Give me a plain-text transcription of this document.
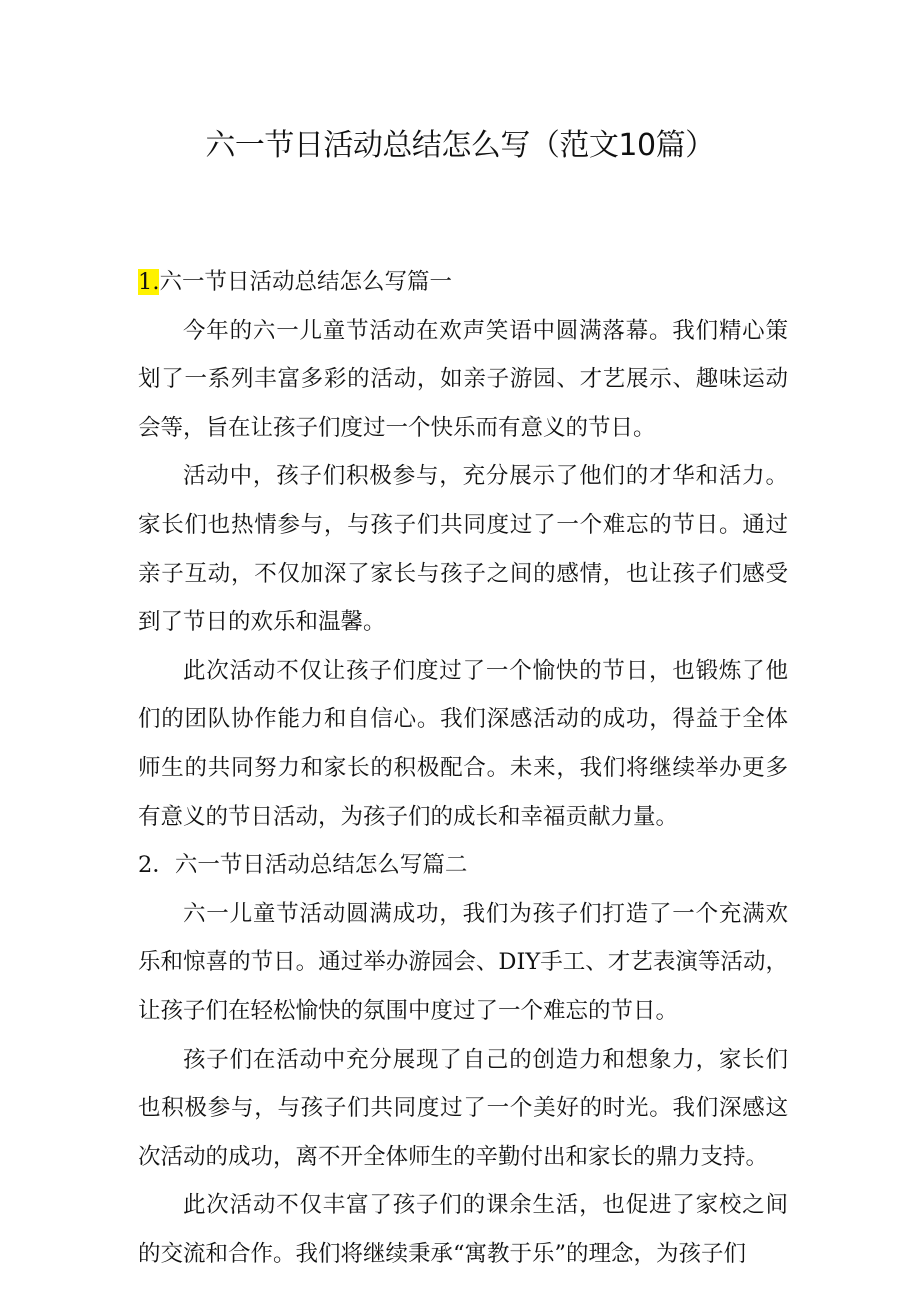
六一节日活动总结怎么写（范文10篇）
1.六一节日活动总结怎么写篇一

今年的六一儿童节活动在欢声笑语中圆满落幕。我们精心策划了一系列丰富多彩的活动，如亲子游园、才艺展示、趣味运动会等，旨在让孩子们度过一个快乐而有意义的节日。

活动中，孩子们积极参与，充分展示了他们的才华和活力。家长们也热情参与，与孩子们共同度过了一个难忘的节日。通过亲子互动，不仅加深了家长与孩子之间的感情，也让孩子们感受到了节日的欢乐和温馨。

此次活动不仅让孩子们度过了一个愉快的节日，也锻炼了他们的团队协作能力和自信心。我们深感活动的成功，得益于全体师生的共同努力和家长的积极配合。未来，我们将继续举办更多有意义的节日活动，为孩子们的成长和幸福贡献力量。

2．六一节日活动总结怎么写篇二

六一儿童节活动圆满成功，我们为孩子们打造了一个充满欢乐和惊喜的节日。通过举办游园会、DIY手工、才艺表演等活动，让孩子们在轻松愉快的氛围中度过了一个难忘的节日。

孩子们在活动中充分展现了自己的创造力和想象力，家长们也积极参与，与孩子们共同度过了一个美好的时光。我们深感这次活动的成功，离不开全体师生的辛勤付出和家长的鼎力支持。

此次活动不仅丰富了孩子们的课余生活，也促进了家校之间的交流和合作。我们将继续秉承“寓教于乐”的理念，为孩子们
